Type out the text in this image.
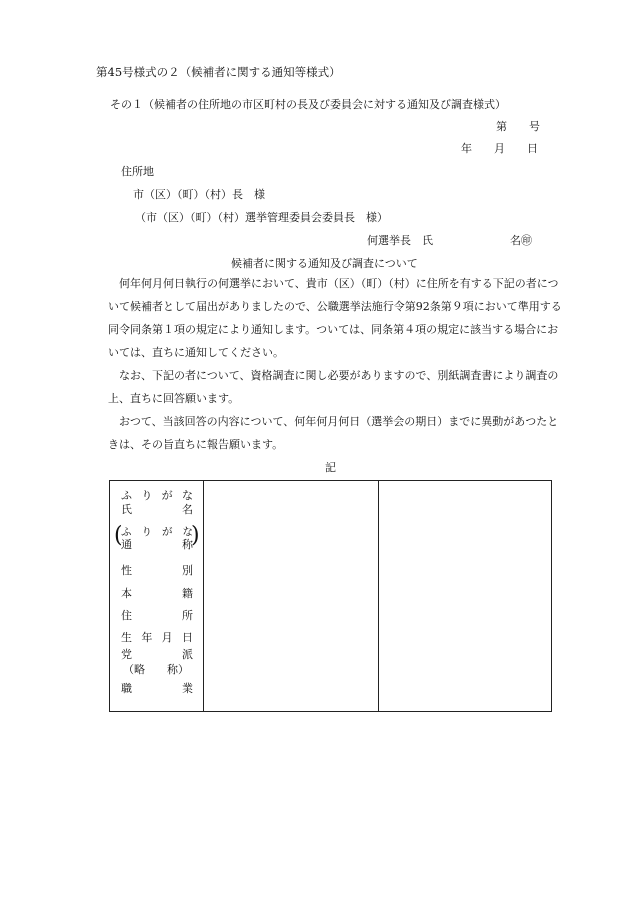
第45号様式の２（候補者に関する通知等様式）
その１（候補者の住所地の市区町村の長及び委員会に対する通知及び調査様式）
第　　号
年　　月　　日
住所地
市（区）（町）（村）長　様
（市（区）（町）（村）選挙管理委員会委員長　様）
何選挙長　氏　　　　　　　名㊞
候補者に関する通知及び調査について
何年何月何日執行の何選挙において、貴市（区）（町）（村）に住所を有する下記の者について候補者として届出がありましたので、公職選挙法施行令第92条第９項において準用する同令同条第１項の規定により通知します。ついては、同条第４項の規定に該当する場合においては、直ちに通知してください。
なお、下記の者について、資格調査に関し必要がありますので、別紙調査書により調査の上、直ちに回答願います。
おつて、当該回答の内容について、何年何月何日（選挙会の期日）までに異動があつたときは、その旨直ちに報告願います。
記
ふ り が な
氏	名
(
ふ り が な
通	称
)
性	別
本	籍
住	所
生 年 月 日
党	派
（略　　称）
職	業
